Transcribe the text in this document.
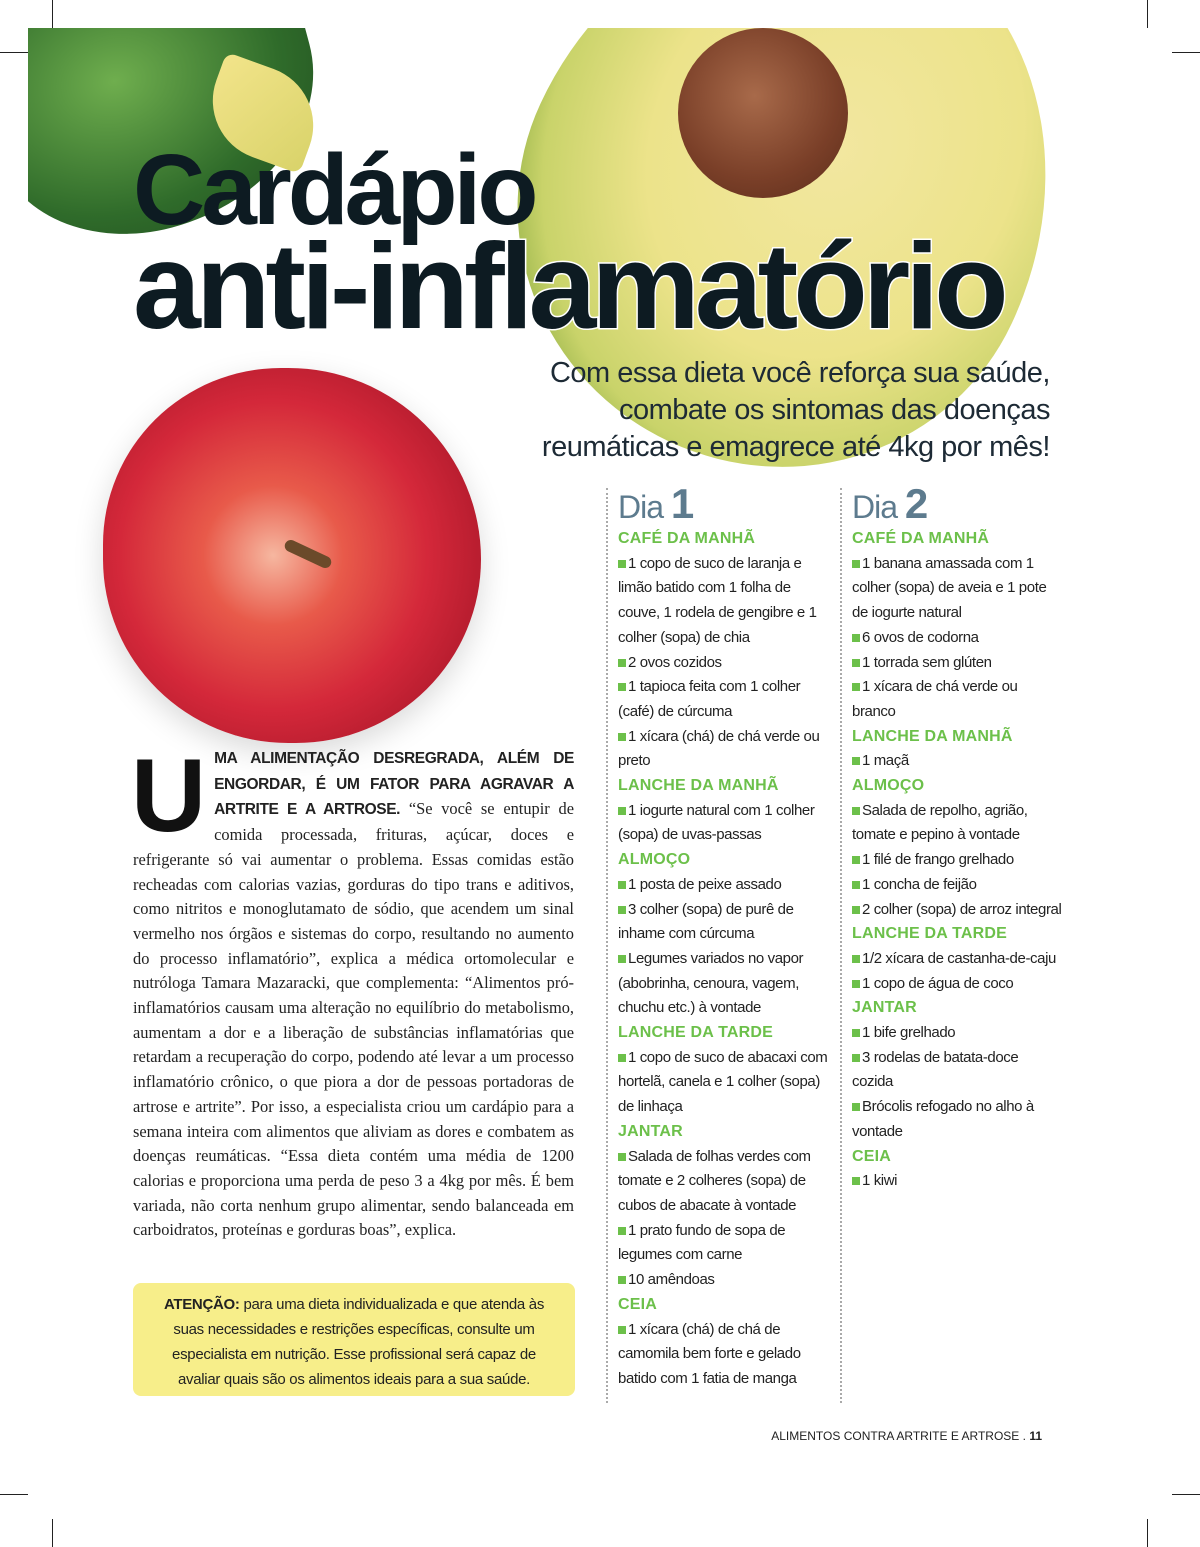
Cardápio
anti-inflamatório
Com essa dieta você reforça sua saúde,
combate os sintomas das doenças
reumáticas e emagrece até 4kg por mês!
UMA ALIMENTAÇÃO DESREGRADA, ALÉM DE ENGORDAR, É UM FATOR PARA AGRAVAR A ARTRITE E A ARTROSE. “Se você se entupir de comida processada, frituras, açúcar, doces e refrigerante só vai aumentar o problema. Essas comidas estão recheadas com calorias vazias, gorduras do tipo trans e aditivos, como nitritos e monoglutamato de sódio, que acendem um sinal vermelho nos órgãos e sistemas do corpo, resultando no aumento do processo inflamatório”, explica a médica ortomolecular e nutróloga Tamara Mazaracki, que complementa: “Alimentos pró-inflamatórios causam uma alteração no equilíbrio do metabolismo, aumentam a dor e a liberação de substâncias inflamatórias que retardam a recuperação do corpo, podendo até levar a um processo inflamatório crônico, o que piora a dor de pessoas portadoras de artrose e artrite”. Por isso, a especialista criou um cardápio para a semana inteira com alimentos que aliviam as dores e combatem as doenças reumáticas. “Essa dieta contém uma média de 1200 calorias e proporciona uma perda de peso 3 a 4kg por mês. É bem variada, não corta nenhum grupo alimentar, sendo balanceada em carboidratos, proteínas e gorduras boas”, explica.
ATENÇÃO: para uma dieta individualizada e que atenda às suas necessidades e restrições específicas, consulte um especialista em nutrição. Esse profissional será capaz de avaliar quais são os alimentos ideais para a sua saúde.
Dia 1
CAFÉ DA MANHÃ
1 copo de suco de laranja e limão batido com 1 folha de couve, 1 rodela de gengibre e 1 colher (sopa) de chia
2 ovos cozidos
1 tapioca feita com 1 colher (café) de cúrcuma
1 xícara (chá) de chá verde ou preto
LANCHE DA MANHÃ
1 iogurte natural com 1 colher (sopa) de uvas-passas
ALMOÇO
1 posta de peixe assado
3 colher (sopa) de purê de inhame com cúrcuma
Legumes variados no vapor (abobrinha, cenoura, vagem, chuchu etc.) à vontade
LANCHE DA TARDE
1 copo de suco de abacaxi com hortelã, canela e 1 colher (sopa) de linhaça
JANTAR
Salada de folhas verdes com tomate e 2 colheres (sopa) de cubos de abacate à vontade
1 prato fundo de sopa de legumes com carne
10 amêndoas
CEIA
1 xícara (chá) de chá de camomila bem forte e gelado batido com 1 fatia de manga
Dia 2
CAFÉ DA MANHÃ
1 banana amassada com 1 colher (sopa) de aveia e 1 pote de iogurte natural
6 ovos de codorna
1 torrada sem glúten
1 xícara de chá verde ou branco
LANCHE DA MANHÃ
1 maçã
ALMOÇO
Salada de repolho, agrião, tomate e pepino à vontade
1 filé de frango grelhado
1 concha de feijão
2 colher (sopa) de arroz integral
LANCHE DA TARDE
1/2 xícara de castanha-de-caju
1 copo de água de coco
JANTAR
1 bife grelhado
3 rodelas de batata-doce cozida
Brócolis refogado no alho à vontade
CEIA
1 kiwi
ALIMENTOS CONTRA ARTRITE E ARTROSE . 11
